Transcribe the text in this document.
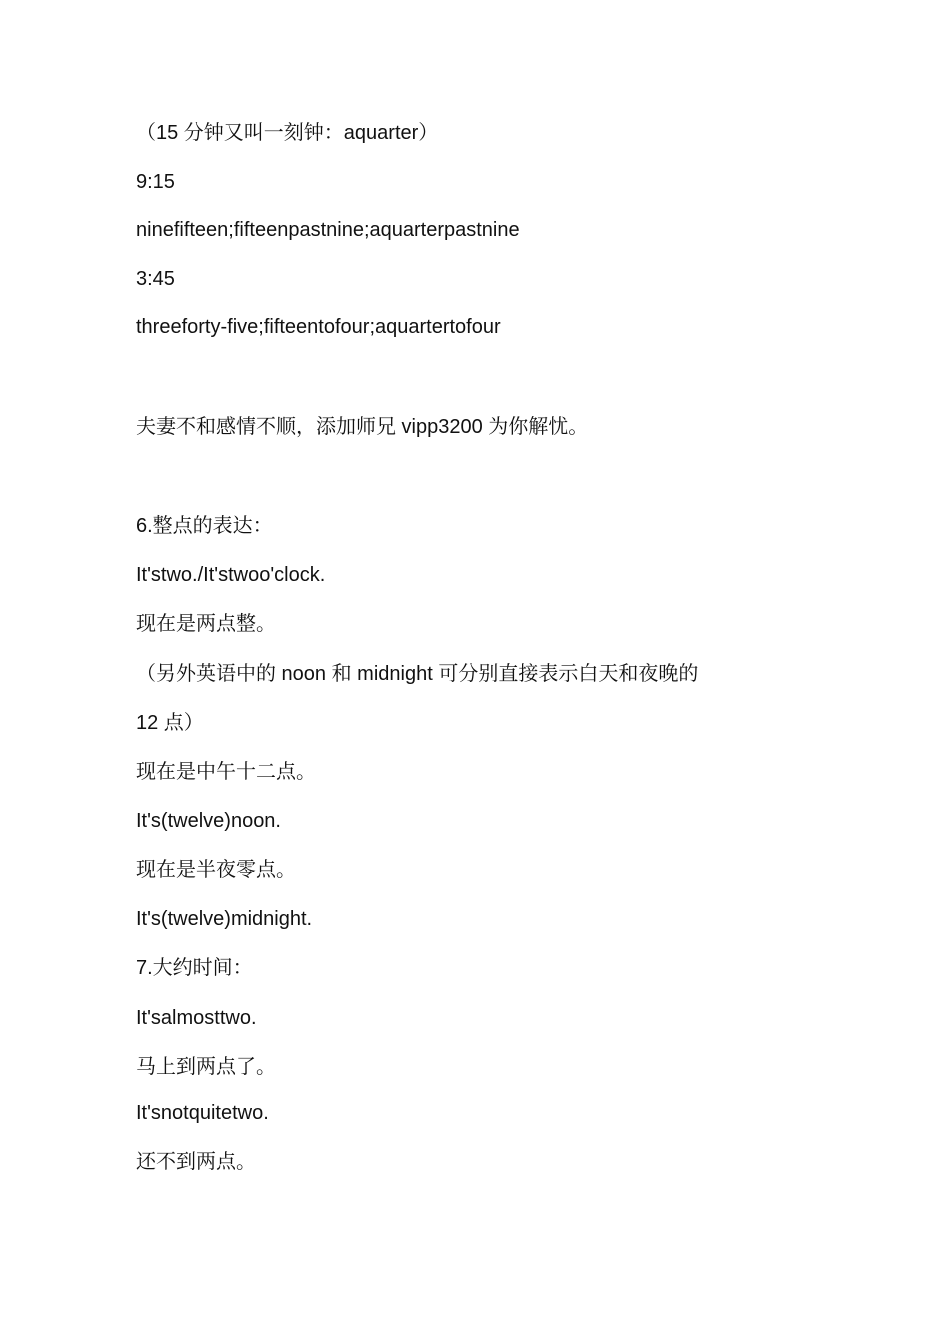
（15 分钟又叫一刻钟：aquarter）
9:15
ninefifteen;fifteenpastnine;aquarterpastnine
3:45
threeforty-five;fifteentofour;aquartertofour
夫妻不和感情不顺，添加师兄 vipp3200 为你解忧。
6.整点的表达：
It'stwo./It'stwoo'clock.
现在是两点整。
（另外英语中的 noon 和 midnight 可分别直接表示白天和夜晚的
12 点）
现在是中午十二点。
It's(twelve)noon.
现在是半夜零点。
It's(twelve)midnight.
7.大约时间：
It'salmosttwo.
马上到两点了。
It'snotquitetwo.
还不到两点。
